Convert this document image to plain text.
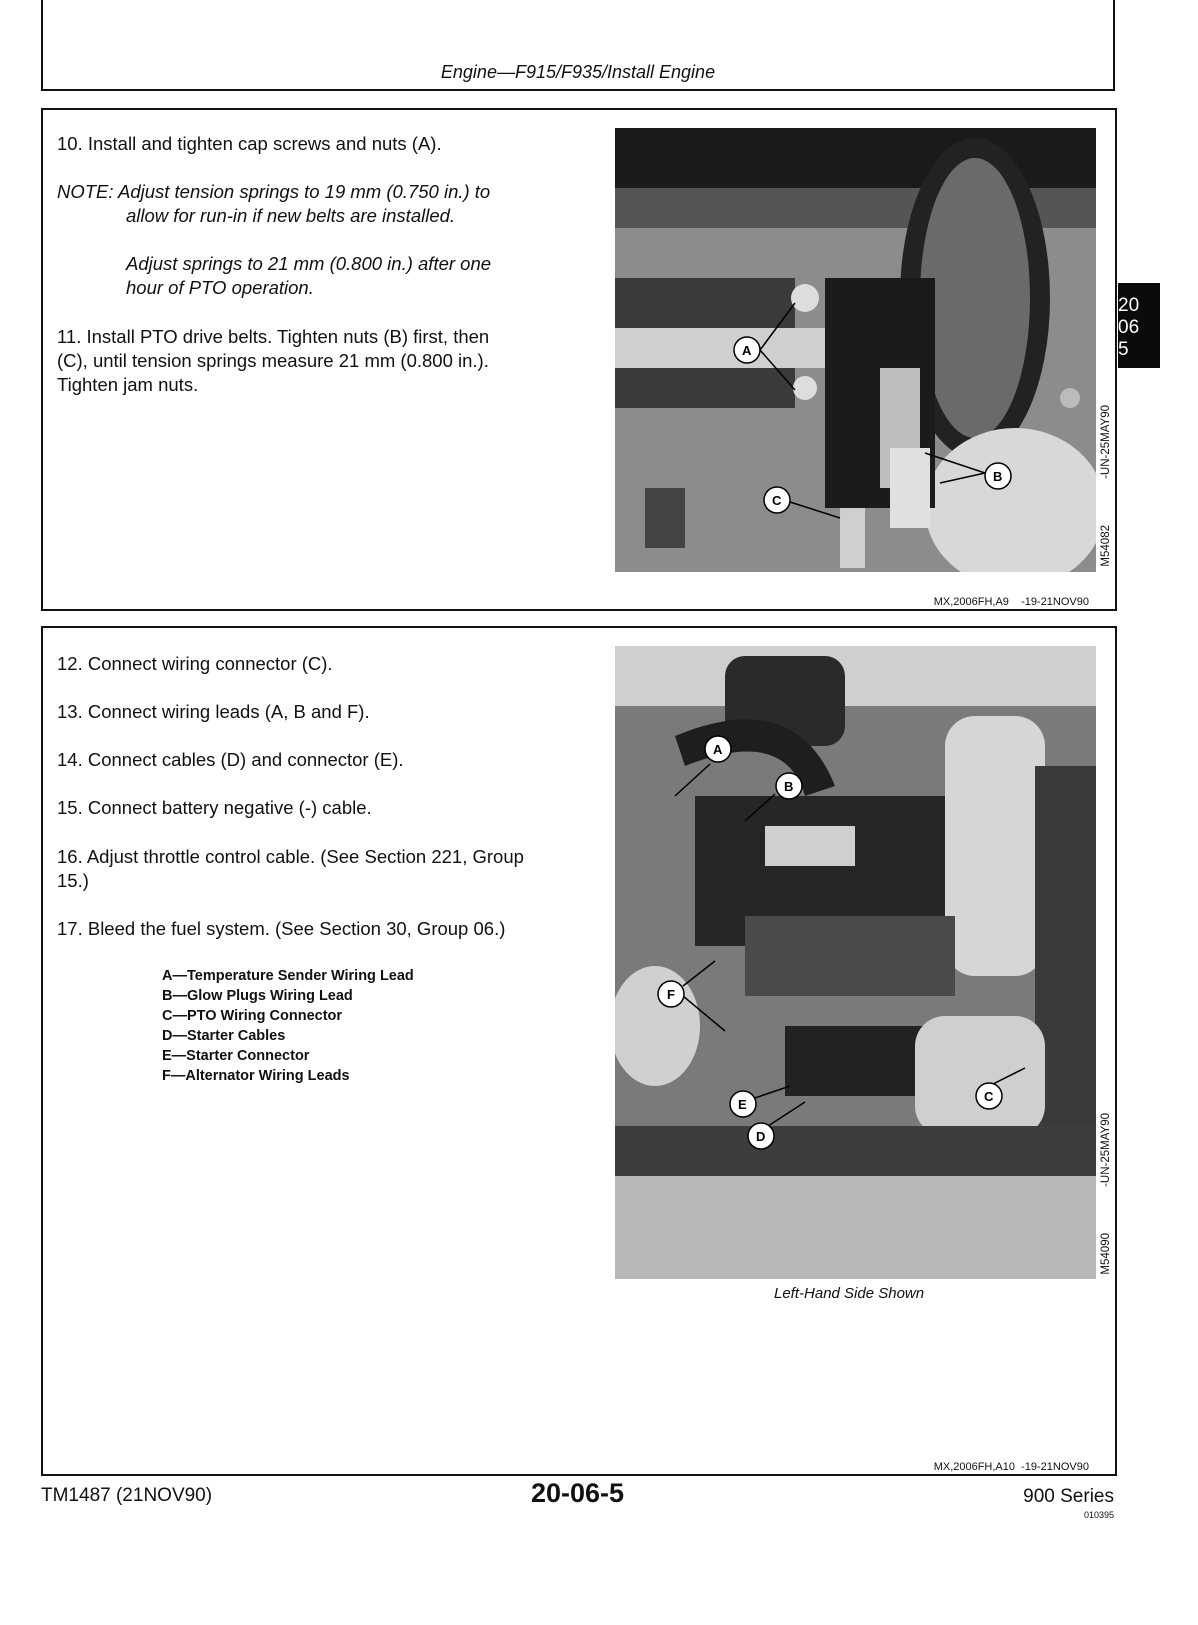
Engine—F915/F935/Install Engine
20
06
5
10. Install and tighten cap screws and nuts (A).
NOTE: Adjust tension springs to 19 mm (0.750 in.) to
allow for run-in if new belts are installed.
Adjust springs to 21 mm (0.800 in.) after one
hour of PTO operation.
11. Install PTO drive belts. Tighten nuts (B) first, then
(C), until tension springs measure 21 mm (0.800 in.).
Tighten jam nuts.
A
B
C
M54082
-UN-25MAY90
MX,2006FH,A9    -19-21NOV90
12. Connect wiring connector (C).
13. Connect wiring leads (A, B and F).
14. Connect cables (D) and connector (E).
15. Connect battery negative (-) cable.
16. Adjust throttle control cable. (See Section 221, Group
15.)
17. Bleed the fuel system. (See Section 30, Group 06.)
A
B
C
D
E
F
M54090
-UN-25MAY90
Left-Hand Side Shown
MX,2006FH,A10  -19-21NOV90
A—Temperature Sender Wiring Lead
B—Glow Plugs Wiring Lead
C—PTO Wiring Connector
D—Starter Cables
E—Starter Connector
F—Alternator Wiring Leads
TM1487 (21NOV90)	20-06-5	900 Series
010395
